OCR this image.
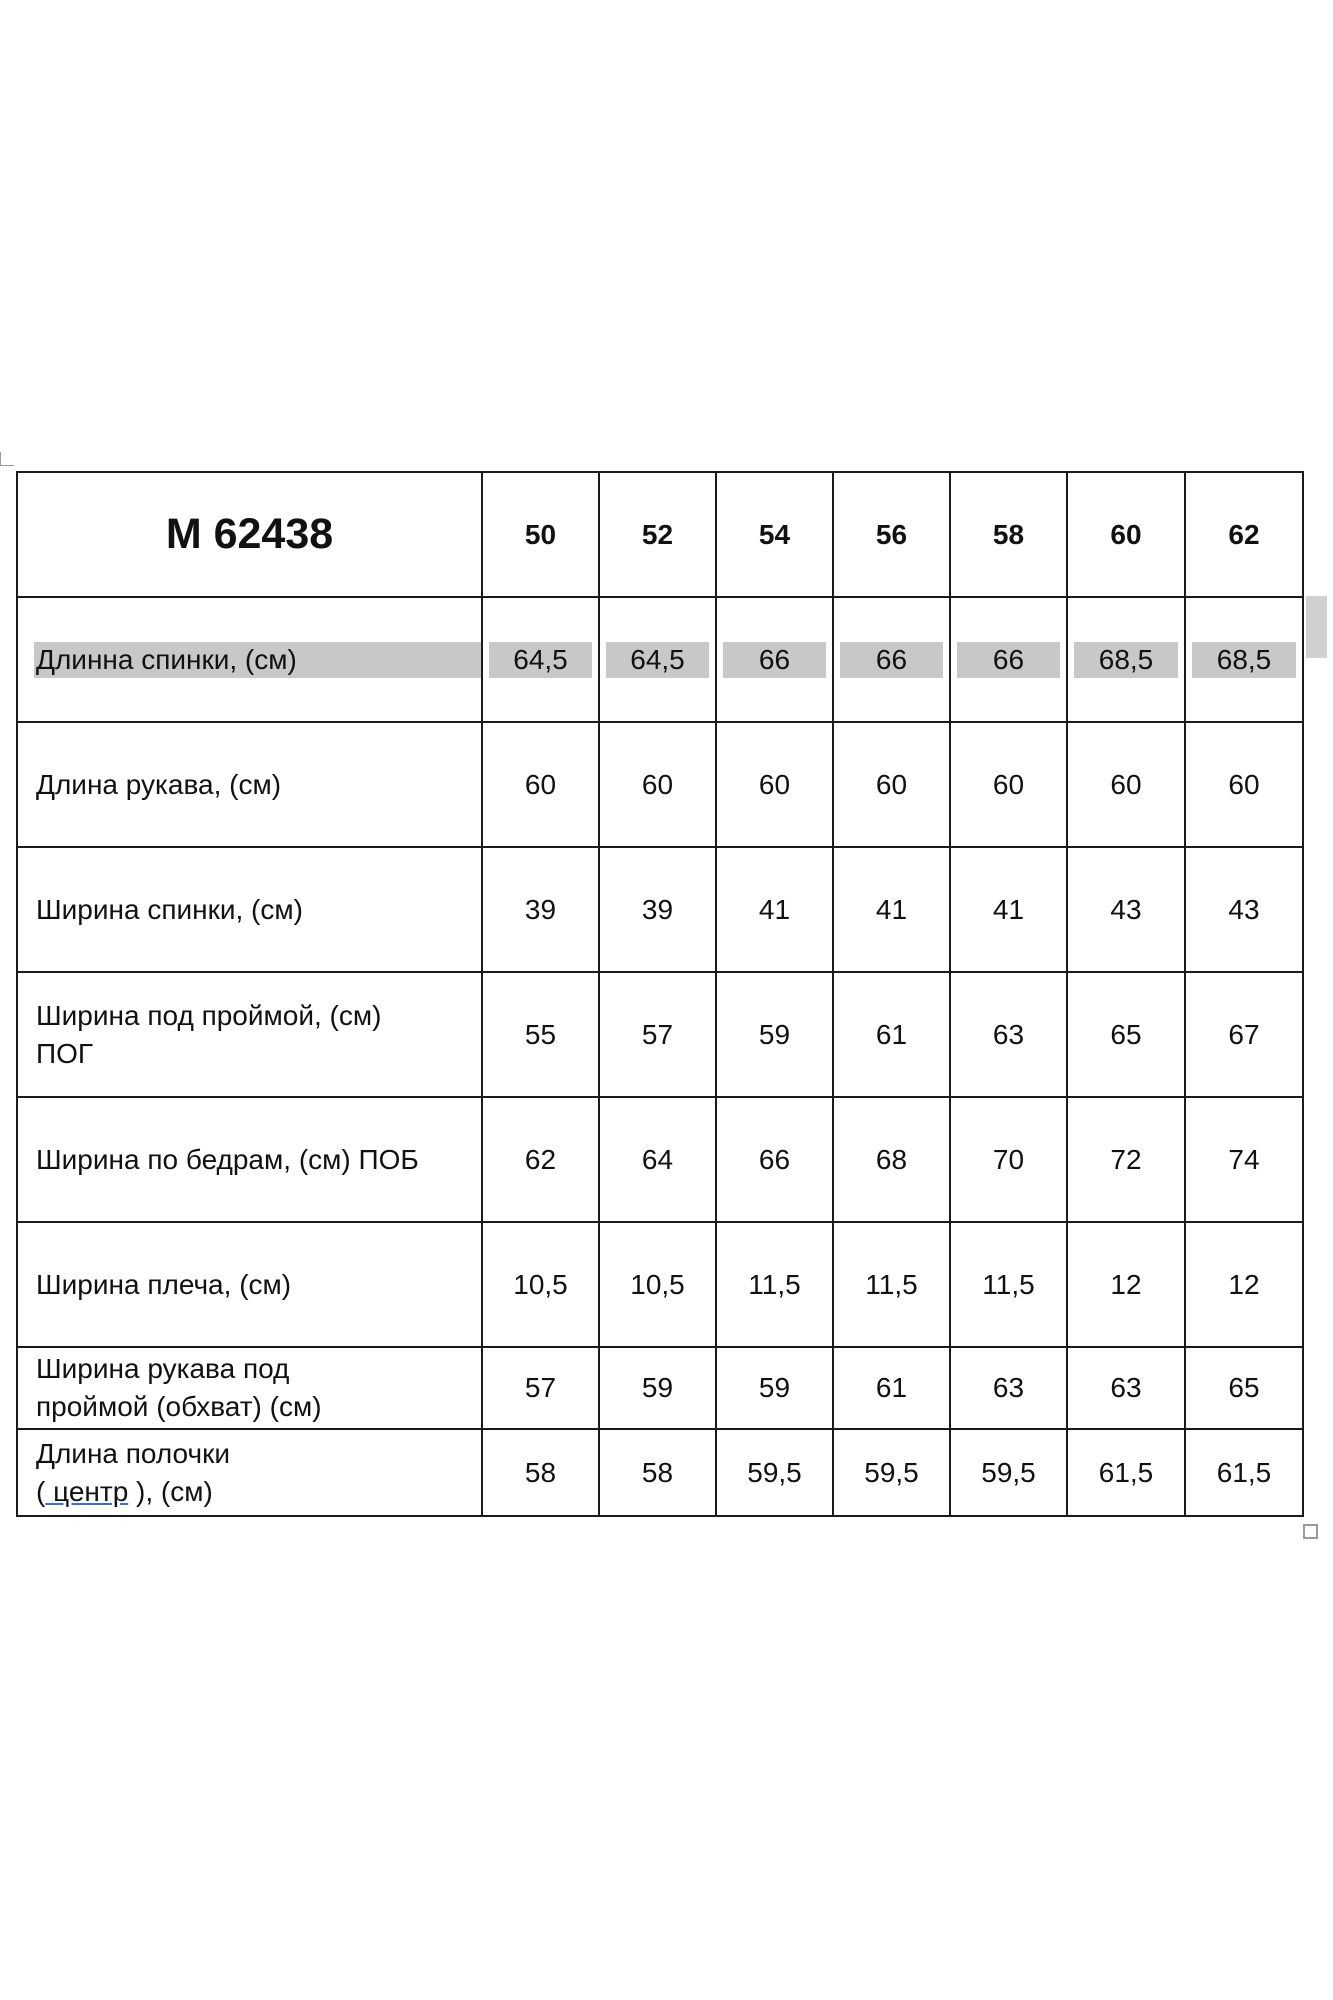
M 62438	50	52	54	56	58	60	62

Длинна спинки, (см)	64,5	64,5	66	66	66	68,5	68,5

Длина рукава, (см)	60	60	60	60	60	60	60
Ширина спинки, (см)	39	39	41	41	41	43	43

Ширина под проймой, (см)
ПОГ	55	57	59	61	63	65	67
Ширина по бедрам, (см) ПОБ	62	64	66	68	70	72	74
Ширина плеча, (см)	10,5	10,5	11,5	11,5	11,5	12	12

Ширина рукава под
проймой (обхват) (см)	57	59	59	61	63	63	65

Длина полочки
( центр ), (см)	58	58	59,5	59,5	59,5	61,5	61,5
